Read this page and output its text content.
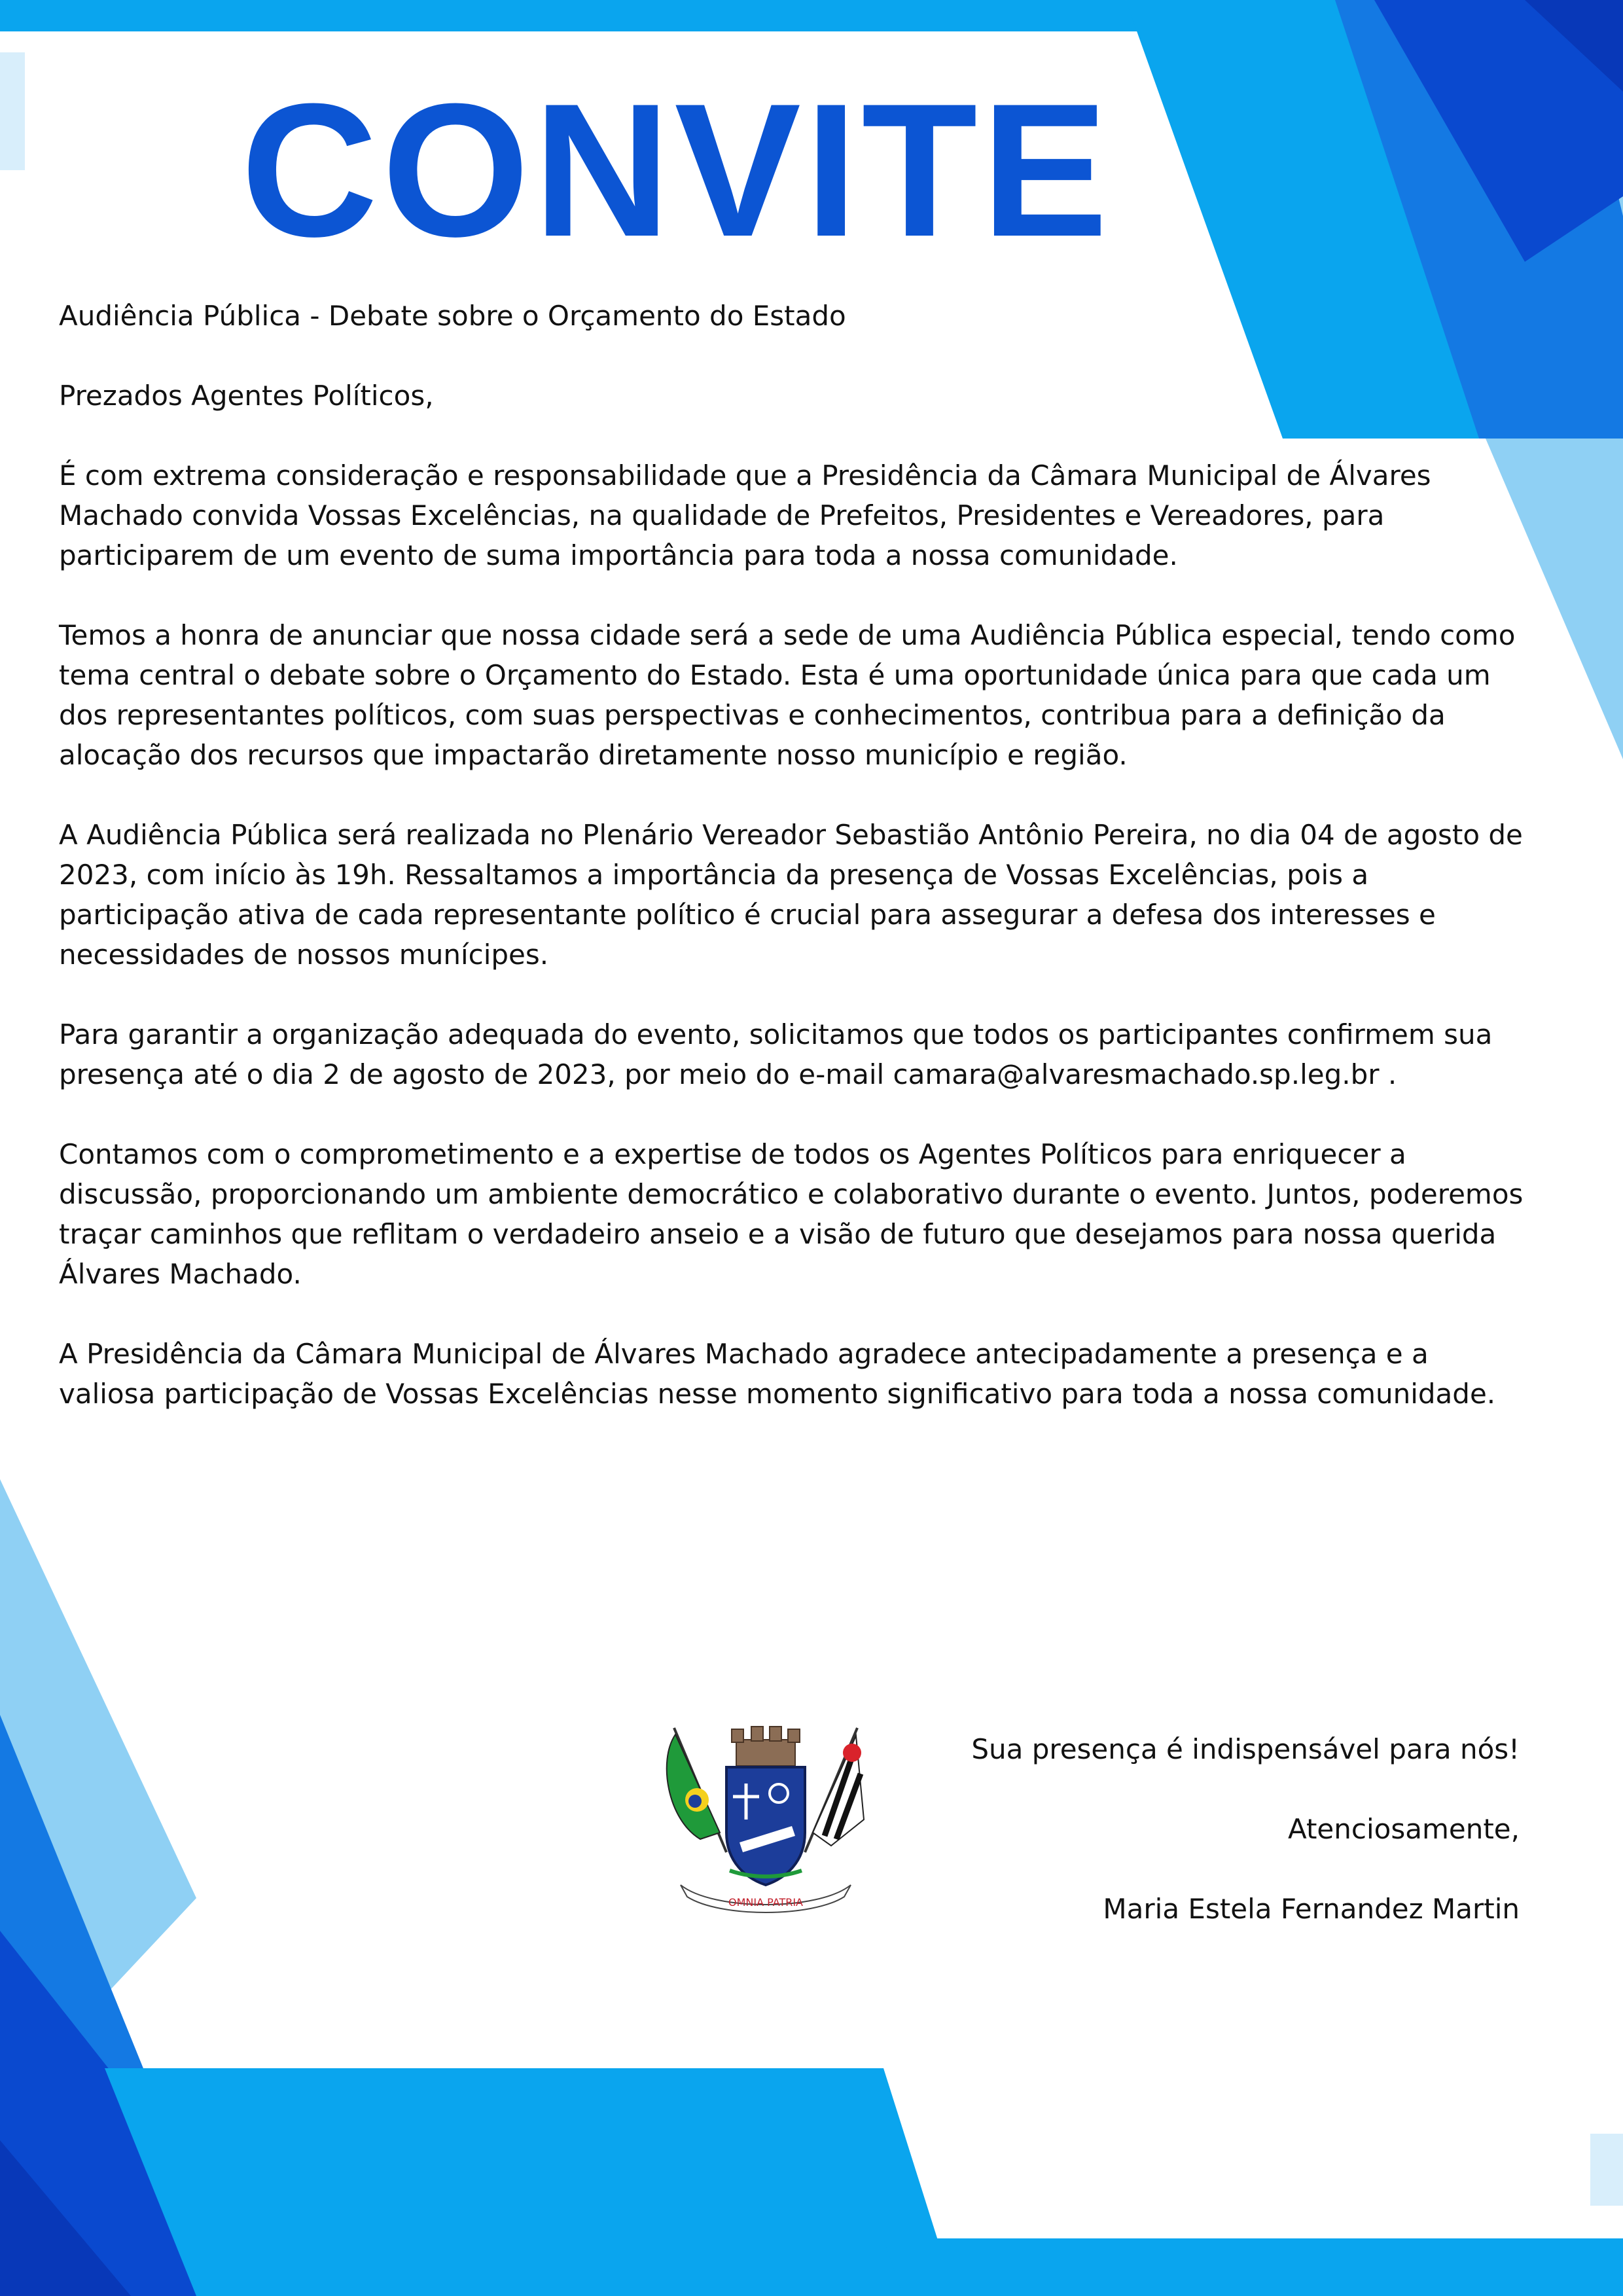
CONVITE

Audiência Pública - Debate sobre o Orçamento do Estado

Prezados Agentes Políticos,

É com extrema consideração e responsabilidade que a Presidência da Câmara Municipal de Álvares Machado convida Vossas Excelências, na qualidade de Prefeitos, Presidentes e Vereadores, para participarem de um evento de suma importância para toda a nossa comunidade.

Temos a honra de anunciar que nossa cidade será a sede de uma Audiência Pública especial, tendo como tema central o debate sobre o Orçamento do Estado. Esta é uma oportunidade única para que cada um dos representantes políticos, com suas perspectivas e conhecimentos, contribua para a definição da alocação dos recursos que impactarão diretamente nosso município e região.

A Audiência Pública será realizada no Plenário Vereador Sebastião Antônio Pereira, no dia 04 de agosto de 2023, com início às 19h. Ressaltamos a importância da presença de Vossas Excelências, pois a participação ativa de cada representante político é crucial para assegurar a defesa dos interesses e necessidades de nossos munícipes.

Para garantir a organização adequada do evento, solicitamos que todos os participantes confirmem sua presença até o dia 2 de agosto de 2023, por meio do e-mail camara@alvaresmachado.sp.leg.br .

Contamos com o comprometimento e a expertise de todos os Agentes Políticos para enriquecer a discussão, proporcionando um ambiente democrático e colaborativo durante o evento. Juntos, poderemos traçar caminhos que reflitam o verdadeiro anseio e a visão de futuro que desejamos para nossa querida Álvares Machado.

A Presidência da Câmara Municipal de Álvares Machado agradece antecipadamente a presença e a valiosa participação de Vossas Excelências nesse momento significativo para toda a nossa comunidade.

OMNIA PATRIA

Sua presença é indispensável para nós!

Atenciosamente,

Maria Estela Fernandez Martin
